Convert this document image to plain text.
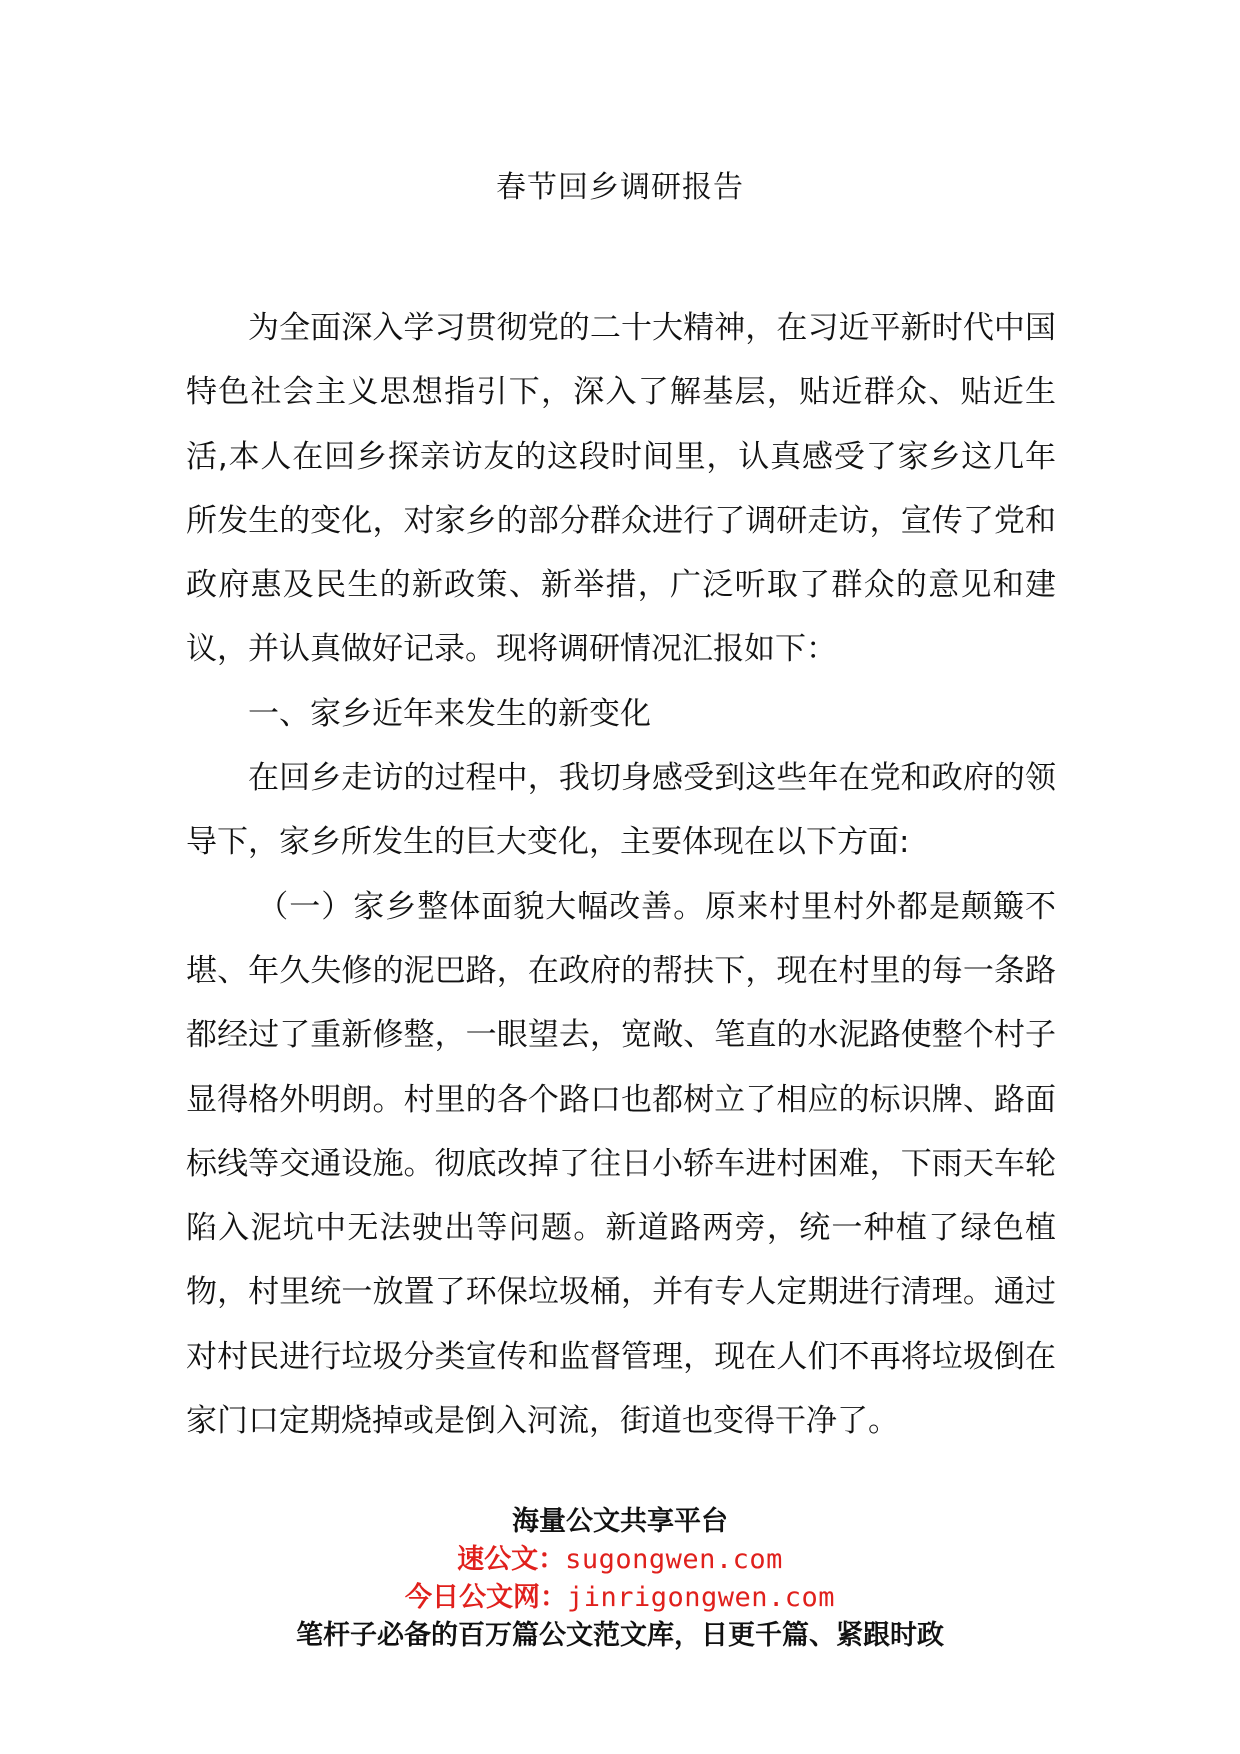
春节回乡调研报告

为全面深入学习贯彻党的二十大精神，在习近平新时代中国特色社会主义思想指引下，深入了解基层，贴近群众、贴近生活,本人在回乡探亲访友的这段时间里，认真感受了家乡这几年所发生的变化，对家乡的部分群众进行了调研走访，宣传了党和政府惠及民生的新政策、新举措，广泛听取了群众的意见和建议，并认真做好记录。现将调研情况汇报如下：

一、家乡近年来发生的新变化

在回乡走访的过程中，我切身感受到这些年在党和政府的领导下，家乡所发生的巨大变化，主要体现在以下方面:

（一）家乡整体面貌大幅改善。原来村里村外都是颠簸不堪、年久失修的泥巴路，在政府的帮扶下，现在村里的每一条路都经过了重新修整，一眼望去，宽敞、笔直的水泥路使整个村子显得格外明朗。村里的各个路口也都树立了相应的标识牌、路面标线等交通设施。彻底改掉了往日小轿车进村困难，下雨天车轮陷入泥坑中无法驶出等问题。新道路两旁，统一种植了绿色植物，村里统一放置了环保垃圾桶，并有专人定期进行清理。通过对村民进行垃圾分类宣传和监督管理，现在人们不再将垃圾倒在家门口定期烧掉或是倒入河流，街道也变得干净了。

海量公文共享平台
速公文：sugongwen.com
今日公文网：jinrigongwen.com
笔杆子必备的百万篇公文范文库，日更千篇、紧跟时政
